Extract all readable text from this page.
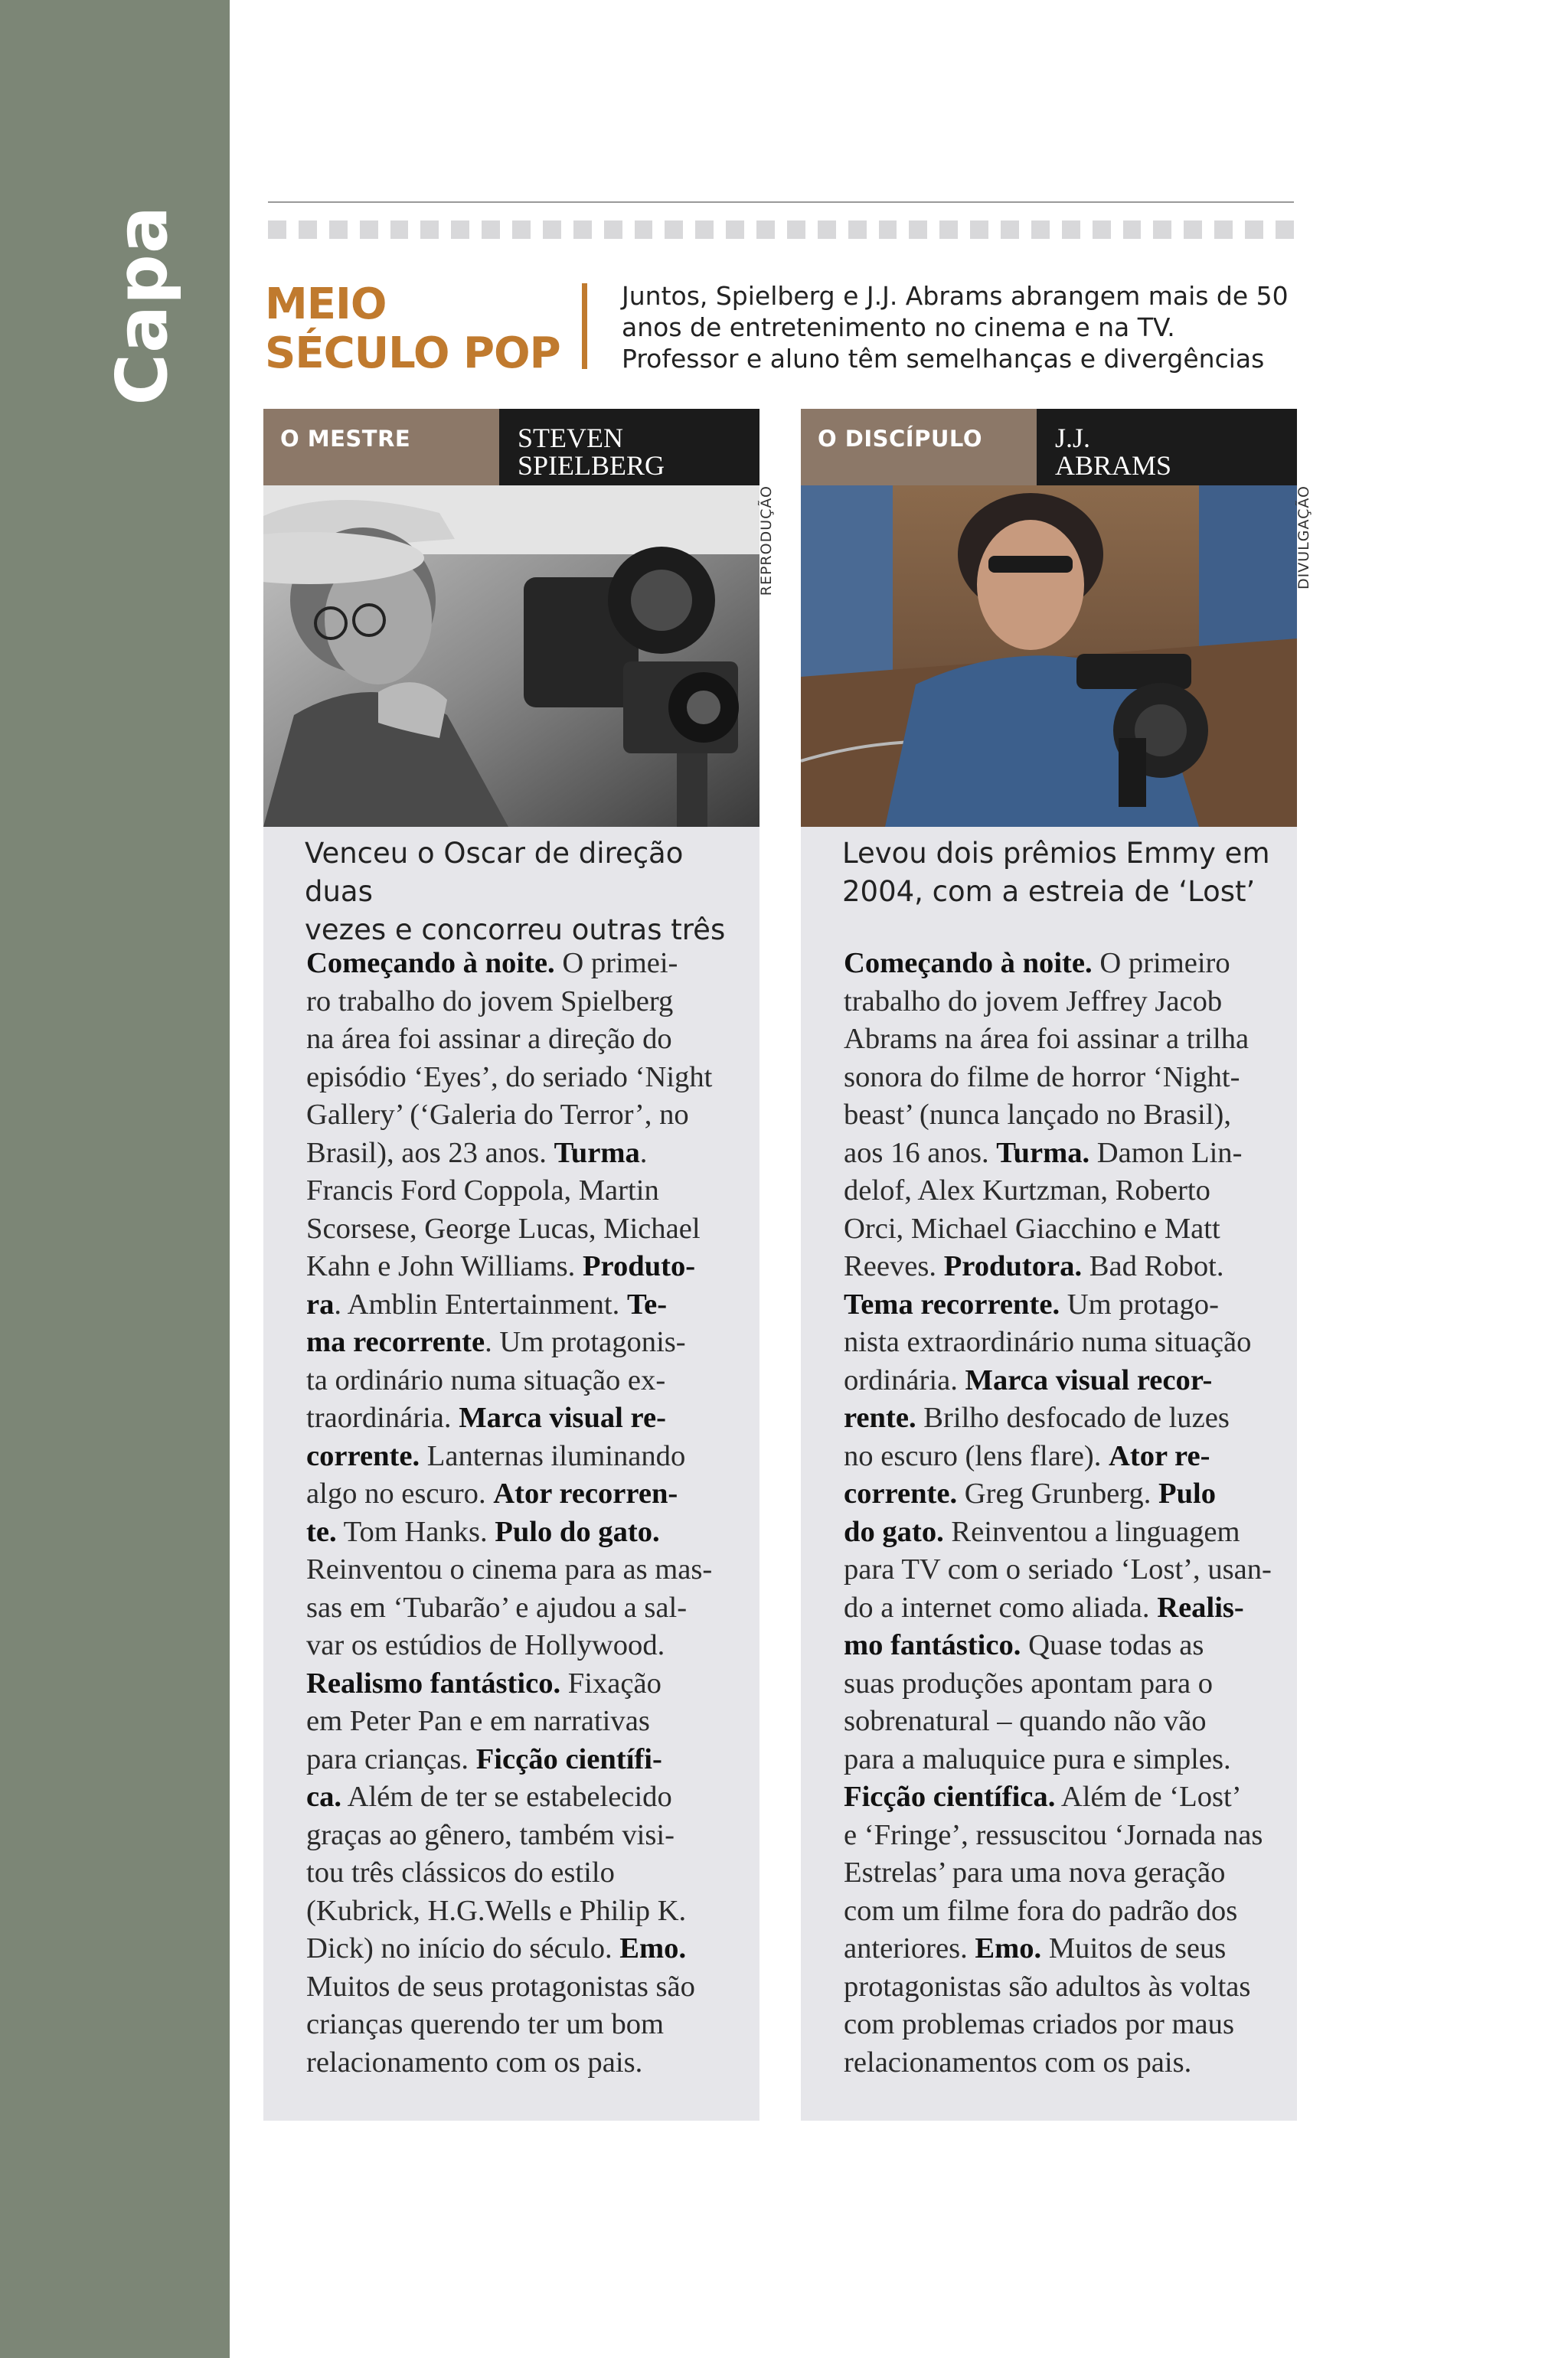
Capa MEIO
SÉCULO POP
Juntos, Spielberg e J.J. Abrams abrangem mais de 50
anos de entretenimento no cinema e na TV.
Professor e aluno têm semelhanças e divergências
O MESTRE	STEVEN
SPIELBERG
Venceu o Oscar de direção duas
vezes e concorreu outras três
Começando à noite. O primei-
ro trabalho do jovem Spielberg
na área foi assinar a direção do
episódio ‘Eyes’, do seriado ‘Night
Gallery’ (‘Galeria do Terror’, no
Brasil), aos 23 anos. Turma.
Francis Ford Coppola, Martin
Scorsese, George Lucas, Michael
Kahn e John Williams. Produto-
ra. Amblin Entertainment. Te-
ma recorrente. Um protagonis-
ta ordinário numa situação ex-
traordinária. Marca visual re-
corrente. Lanternas iluminando
algo no escuro. Ator recorren-
te. Tom Hanks. Pulo do gato.
Reinventou o cinema para as mas-
sas em ‘Tubarão’ e ajudou a sal-
var os estúdios de Hollywood.
Realismo fantástico. Fixação
em Peter Pan e em narrativas
para crianças. Ficção científi-
ca. Além de ter se estabelecido
graças ao gênero, também visi-
tou três clássicos do estilo
(Kubrick, H.G.Wells e Philip K.
Dick) no início do século. Emo.
Muitos de seus protagonistas são
crianças querendo ter um bom
relacionamento com os pais.
REPRODUÇÃO
O DISCÍPULO	J.J.
ABRAMS
Levou dois prêmios Emmy em
2004, com a estreia de ‘Lost’
Começando à noite. O primeiro
trabalho do jovem Jeffrey Jacob
Abrams na área foi assinar a trilha
sonora do filme de horror ‘Night-
beast’ (nunca lançado no Brasil),
aos 16 anos. Turma. Damon Lin-
delof, Alex Kurtzman, Roberto
Orci, Michael Giacchino e Matt
Reeves. Produtora. Bad Robot.
Tema recorrente. Um protago-
nista extraordinário numa situação
ordinária. Marca visual recor-
rente. Brilho desfocado de luzes
no escuro (lens flare). Ator re-
corrente. Greg Grunberg. Pulo
do gato. Reinventou a linguagem
para TV com o seriado ‘Lost’, usan-
do a internet como aliada. Realis-
mo fantástico. Quase todas as
suas produções apontam para o
sobrenatural – quando não vão
para a maluquice pura e simples.
Ficção científica. Além de ‘Lost’
e ‘Fringe’, ressuscitou ‘Jornada nas
Estrelas’ para uma nova geração
com um filme fora do padrão dos
anteriores. Emo. Muitos de seus
protagonistas são adultos às voltas
com problemas criados por maus
relacionamentos com os pais.
DIVULGAÇÃO
